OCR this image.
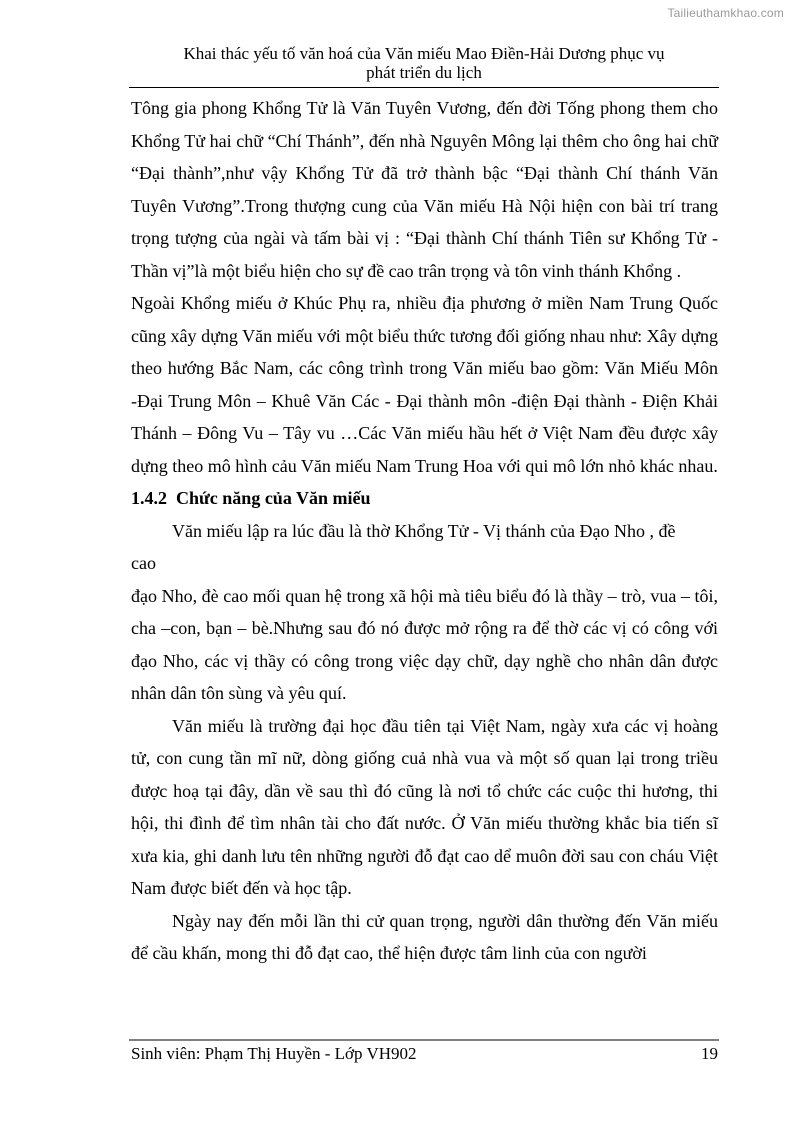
Tailieuthamkhao.com
Khai thác yếu tố văn hoá của Văn miếu Mao Điền-Hải Dương phục vụ
phát triển du lịch

Tông gia phong Khổng Tử là Văn Tuyên Vương, đến đời Tống phong them cho Khổng Tử hai chữ “Chí Thánh”, đến nhà Nguyên Mông lại thêm cho ông hai chữ “Đại thành”,như vậy Khổng Tử đã trở thành bậc “Đại thành Chí thánh Văn Tuyên Vương”.Trong thượng cung của Văn miếu Hà Nội hiện con bài trí trang trọng tượng của ngài và tấm bài vị : “Đại thành Chí thánh Tiên sư Khổng Tử - Thần vị”là một biểu hiện cho sự đề cao trân trọng và tôn vinh thánh Khổng .

Ngoài Khổng miếu ở Khúc Phụ ra, nhiều địa phương ở miền Nam Trung Quốc cũng xây dựng Văn miếu với một biểu thức tương đối giống nhau như: Xây dựng theo hướng Bắc Nam, các công trình trong Văn miếu bao gồm: Văn Miếu Môn -Đại Trung Môn – Khuê Văn Các - Đại thành môn -điện Đại thành - Điện Khải Thánh – Đông Vu – Tây vu …Các Văn miếu hầu hết ở Việt Nam đều được xây dựng theo mô hình cảu Văn miếu Nam Trung Hoa với qui mô lớn nhỏ khác nhau.

1.4.2 Chức năng của Văn miếu

Văn miếu lập ra lúc đầu là thờ Khổng Tử - Vị thánh của Đạo Nho , đề

cao

đạo Nho, đè cao mối quan hệ trong xã hội mà tiêu biểu đó là thầy – trò, vua – tôi, cha –con, bạn – bè.Nhưng sau đó nó được mở rộng ra để thờ các vị có công với đạo Nho, các vị thầy có công trong việc dạy chữ, dạy nghề cho nhân dân được nhân dân tôn sùng và yêu quí.

Văn miếu là trường đại học đầu tiên tại Việt Nam, ngày xưa các vị hoàng tử, con cung tần mĩ nữ, dòng giống cuả nhà vua và một số quan lại trong triều được hoạ tại đây, dần về sau thì đó cũng là nơi tổ chức các cuộc thi hương, thi hội, thi đình để tìm nhân tài cho đất nước. Ở Văn miếu thường khắc bia tiến sĩ xưa kia, ghi danh lưu tên những người đỗ đạt cao dể muôn đời sau con cháu Việt Nam được biết đến và học tập.

Ngày nay đến mỗi lần thi cử quan trọng, người dân thường đến Văn miếu để cầu khấn, mong thi đỗ đạt cao, thể hiện được tâm linh của con người

Sinh viên: Phạm Thị Huyền - Lớp VH902	19
